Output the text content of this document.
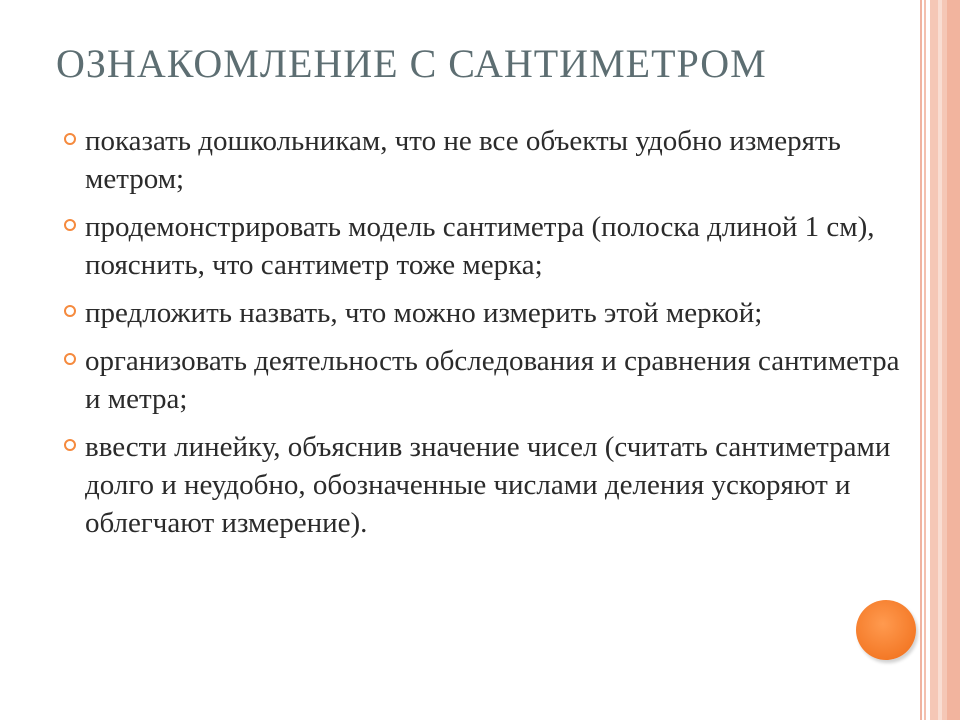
ОЗНАКОМЛЕНИЕ С САНТИМЕТРОМ
показать дошкольникам, что не все объекты удобно измерять метром;
продемонстрировать модель сантиметра (полоска длиной 1 см), пояснить, что сантиметр тоже мерка;
предложить назвать, что можно измерить этой меркой;
организовать деятельность обследования и сравнения сантиметра и метра;
ввести линейку, объяснив значение чисел (считать сантиметрами долго и неудобно, обозначенные числами деления ускоряют и облегчают измерение).
